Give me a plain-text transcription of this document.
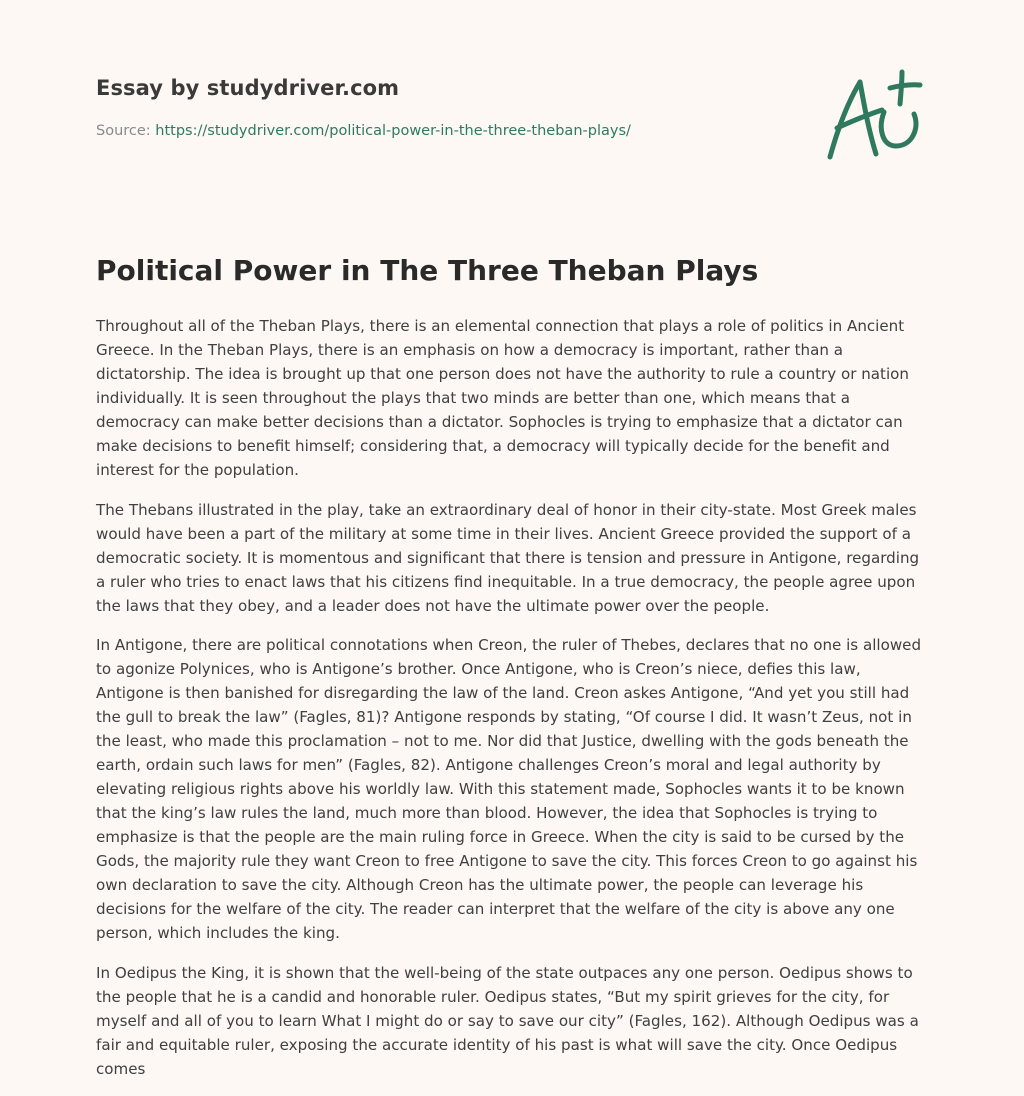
Essay by studydriver.com
Source: https://studydriver.com/political-power-in-the-three-theban-plays/
Political Power in The Three Theban Plays

Throughout all of the Theban Plays, there is an elemental connection that plays a role of politics in Ancient Greece. In the Theban Plays, there is an emphasis on how a democracy is important, rather than a dictatorship. The idea is brought up that one person does not have the authority to rule a country or nation individually. It is seen throughout the plays that two minds are better than one, which means that a democracy can make better decisions than a dictator. Sophocles is trying to emphasize that a dictator can make decisions to benefit himself; considering that, a democracy will typically decide for the benefit and interest for the population.

The Thebans illustrated in the play, take an extraordinary deal of honor in their city-state. Most Greek males would have been a part of the military at some time in their lives. Ancient Greece provided the support of a democratic society. It is momentous and significant that there is tension and pressure in Antigone, regarding a ruler who tries to enact laws that his citizens find inequitable. In a true democracy, the people agree upon the laws that they obey, and a leader does not have the ultimate power over the people.

In Antigone, there are political connotations when Creon, the ruler of Thebes, declares that no one is allowed to agonize Polynices, who is Antigone’s brother. Once Antigone, who is Creon’s niece, defies this law, Antigone is then banished for disregarding the law of the land. Creon askes Antigone, “And yet you still had the gull to break the law” (Fagles, 81)? Antigone responds by stating, “Of course I did. It wasn’t Zeus, not in the least, who made this proclamation – not to me. Nor did that Justice, dwelling with the gods beneath the earth, ordain such laws for men” (Fagles, 82). Antigone challenges Creon’s moral and legal authority by elevating religious rights above his worldly law. With this statement made, Sophocles wants it to be known that the king’s law rules the land, much more than blood. However, the idea that Sophocles is trying to emphasize is that the people are the main ruling force in Greece. When the city is said to be cursed by the Gods, the majority rule they want Creon to free Antigone to save the city. This forces Creon to go against his own declaration to save the city. Although Creon has the ultimate power, the people can leverage his decisions for the welfare of the city. The reader can interpret that the welfare of the city is above any one person, which includes the king.

In Oedipus the King, it is shown that the well-being of the state outpaces any one person. Oedipus shows to the people that he is a candid and honorable ruler. Oedipus states, “But my spirit grieves for the city, for myself and all of you to learn What I might do or say to save our city” (Fagles, 162). Although Oedipus was a fair and equitable ruler, exposing the accurate identity of his past is what will save the city. Once Oedipus comes
